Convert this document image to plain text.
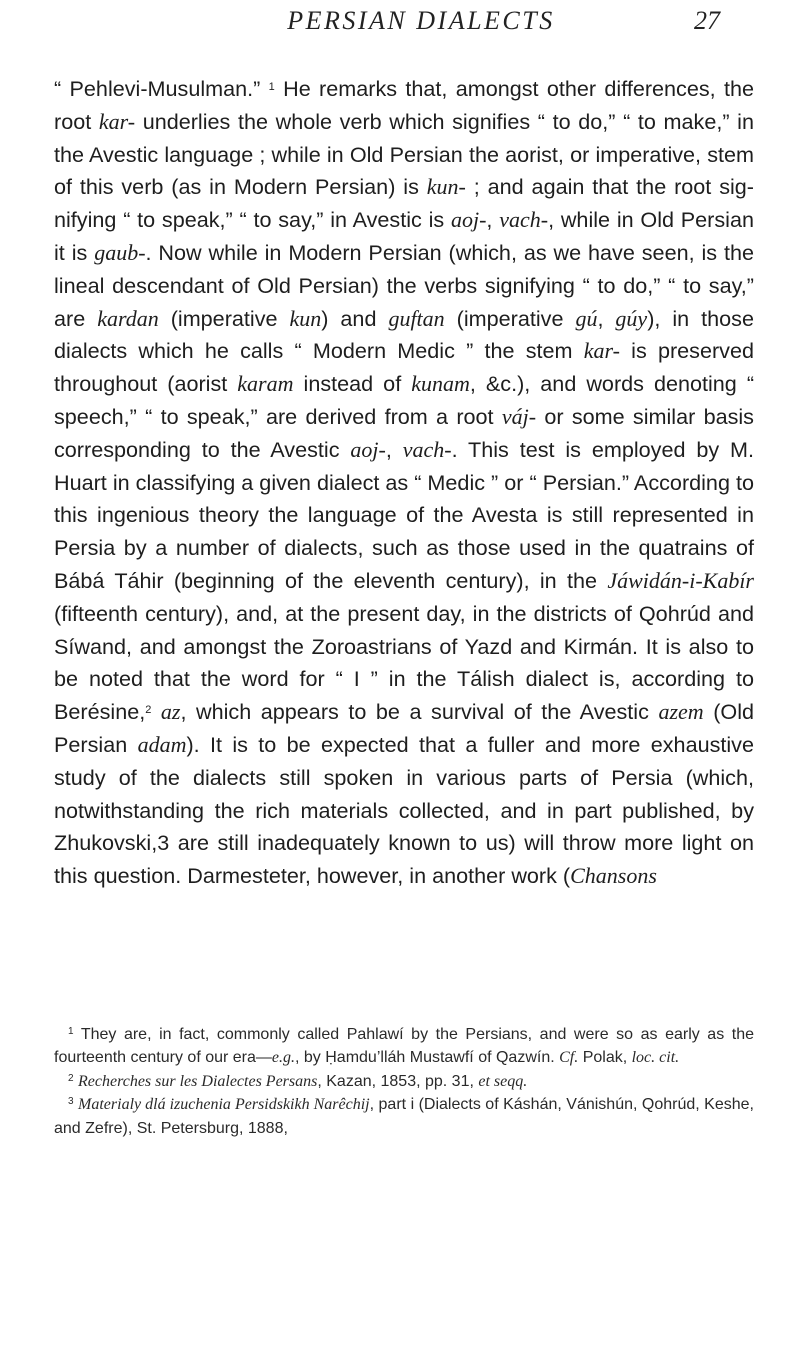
PERSIAN DIALECTS	27

“ Pehlevi-Musulman.” $^1$ He remarks that, amongst other differences, the root kar- underlies the whole verb which signifies “ to do,” “ to make,” in the Avestic language ; while in Old Persian the aorist, or imperative, stem of this verb (as in Modern Persian) is kun- ; and again that the root signifying “ to speak,” “ to say,” in Avestic is aoj-, vach-, while in Old Persian it is gaub-. Now while in Modern Persian (which, as we have seen, is the lineal descendant of Old Persian) the verbs signifying “ to do,” “ to say,” are kardan (imperative kun) and guftan (imperative gú, gúy), in those dialects which he calls “ Modern Medic ” the stem kar- is preserved throughout (aorist karam instead of kunam, &c.), and words denoting “ speech,” “ to speak,” are derived from a root váj- or some similar basis corresponding to the Avestic aoj-, vach-. This test is employed by M. Huart in classifying a given dialect as “ Medic ” or “ Persian.” According to this ingenious theory the language of the Avesta is still represented in Persia by a number of dialects, such as those used in the quatrains of Bábá Táhir (beginning of the eleventh century), in the Jáwidán-i-Kabír (fifteenth century), and, at the present day, in the districts of Qohrúd and Síwand, and amongst the Zoroastrians of Yazd and Kirmán. It is also to be noted that the word for “ I ” in the Tálish dialect is, according to Berésine,$^2$ az, which appears to be a survival of the Avestic azem (Old Persian adam). It is to be expected that a fuller and more exhaustive study of the dialects still spoken in various parts of Persia (which, notwithstanding the rich materials collected, and in part published, by Zhukovski,3 are still inadequately known to us) will throw more light on this question. Darmesteter, however, in another work (Chansons

$^1$ They are, in fact, commonly called Pahlawí by the Persians, and were so as early as the fourteenth century of our era—e.g., by Ḥamdu’lláh Mustawfí of Qazwín. Cf. Polak, loc. cit.

$^2$ Recherches sur les Dialectes Persans, Kazan, 1853, pp. 31, et seqq.

$^3$ Materialy dlá izuchenia Persidskikh Narêchij, part i (Dialects of Káshán, Vánishún, Qohrúd, Keshe, and Zefre), St. Petersburg, 1888,
